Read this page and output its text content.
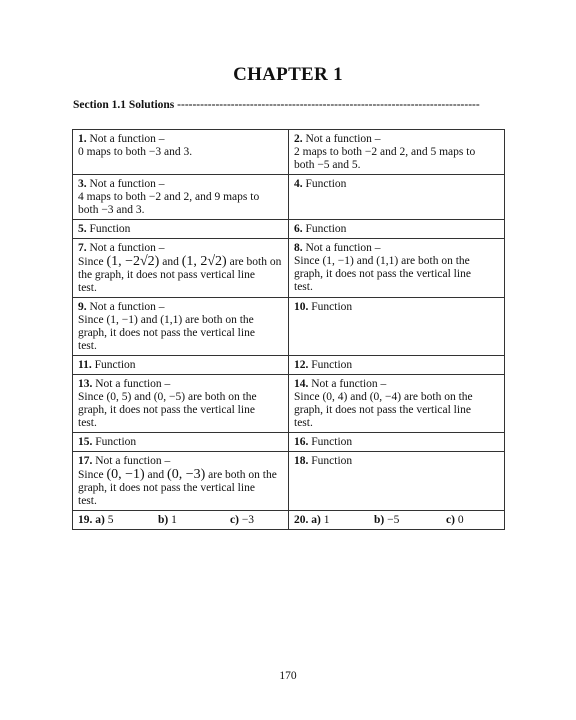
CHAPTER 1
Section 1.1 Solutions -------------------------------------------------------------------------------
1. Not a function –
0 maps to both −3 and 3.	2. Not a function –
2 maps to both −2 and 2, and 5 maps to
both −5 and 5.

3. Not a function –
4 maps to both −2 and 2, and 9 maps to
both −3 and 3.	4. Function
5. Function	6. Function
7. Not a function –
Since (1, −2√2) and (1, 2√2) are both on
the graph, it does not pass vertical line
test.	8. Not a function –
Since (1, −1) and (1,1) are both on the
graph, it does not pass the vertical line
test.

9. Not a function –
Since (1, −1) and (1,1) are both on the
graph, it does not pass the vertical line
test.	10. Function
11. Function	12. Function
13. Not a function –
Since (0, 5) and (0, −5) are both on the
graph, it does not pass the vertical line
test.	14. Not a function –
Since (0, 4) and (0, −4) are both on the
graph, it does not pass the vertical line
test.

15. Function	16. Function
17. Not a function –
Since (0, −1) and (0, −3) are both on the
graph, it does not pass the vertical line
test.	18. Function

19. a) 5 b) 1 c) −3	20. a) 1 b) −5 c) 0
170
